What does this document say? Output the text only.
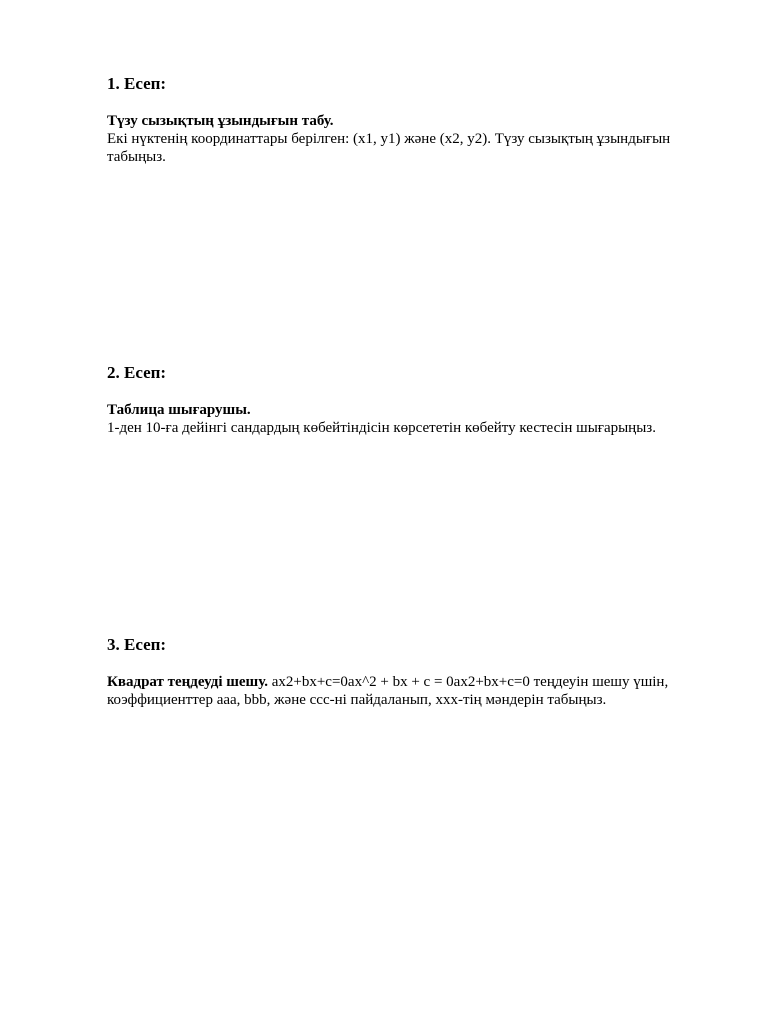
1. Есеп:

Түзу сызықтың ұзындығын табу.
Екі нүктенің координаттары берілген: (x1, y1) және (x2, y2). Түзу сызықтың ұзындығын табыңыз.

2. Есеп:

Таблица шығарушы.
1-ден 10-ға дейінгі сандардың көбейтіндісін көрсететін көбейту кестесін шығарыңыз.

3. Есеп:

Квадрат теңдеуді шешу. ax2+bx+c=0ax^2 + bx + c = 0ax2+bx+c=0 теңдеуін шешу үшін, коэффициенттер aaa, bbb, және ccc-ні пайдаланып, xxx-тің мәндерін табыңыз.
